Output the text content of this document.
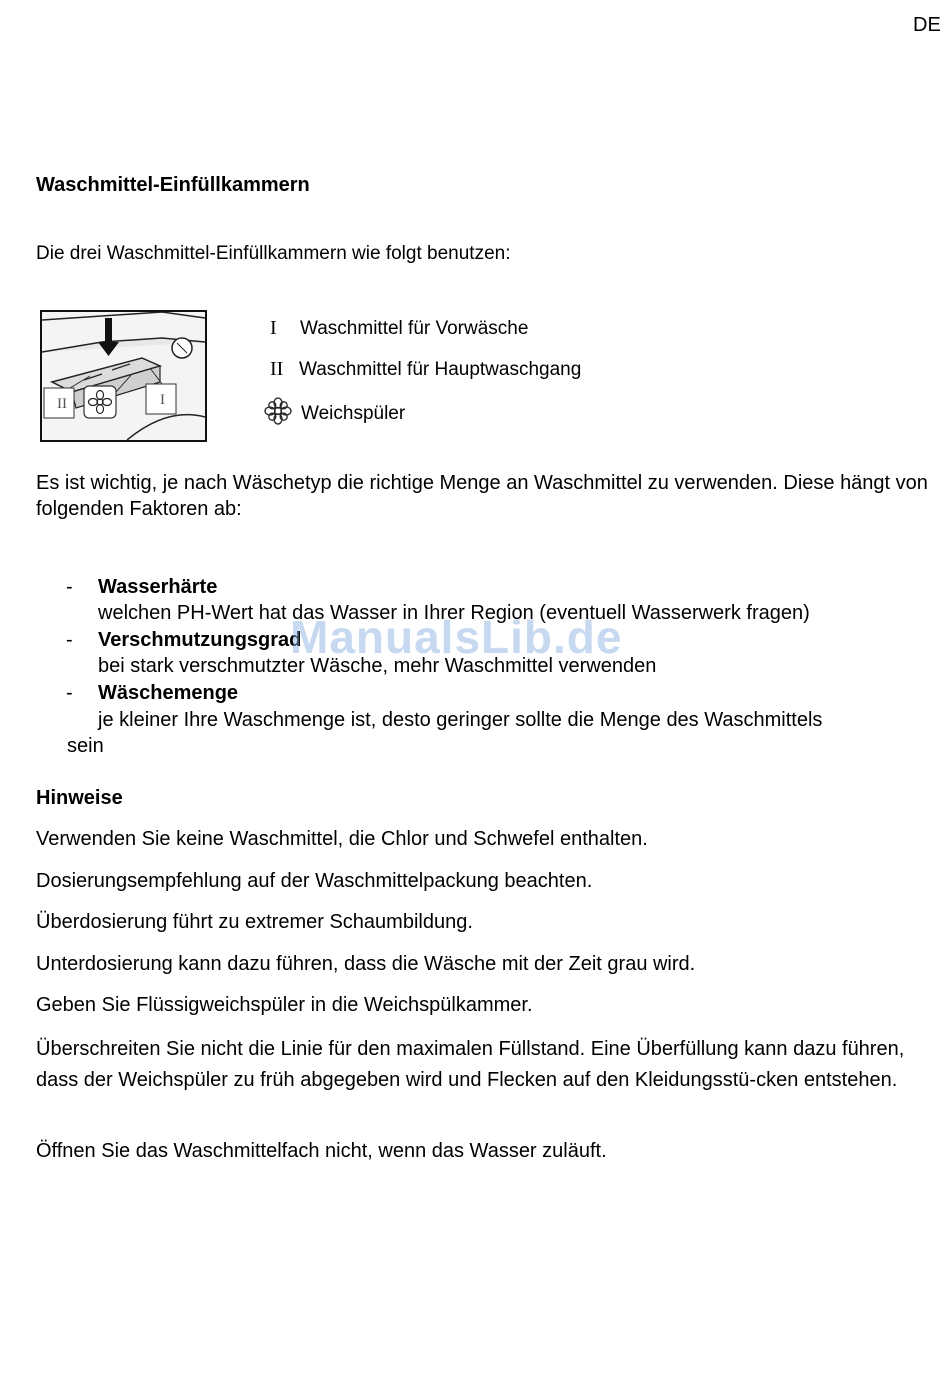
DE
Waschmittel-Einfüllkammern

Die drei Waschmittel-Einfüllkammern wie folgt benutzen:

II	I
I Waschmittel für Vorwäsche
II Waschmittel für Hauptwaschgang
Weichspüler

Es ist wichtig, je nach Wäschetyp die richtige Menge an Waschmittel zu verwenden. Diese hängt von folgenden Faktoren ab:

- Wasserhärte
welchen PH-Wert hat das Wasser in Ihrer Region (eventuell Wasserwerk fragen)
- Verschmutzungsgrad
bei stark verschmutzter Wäsche, mehr Waschmittel verwenden
- Wäschemenge
je kleiner Ihre Waschmenge ist, desto geringer sollte die Menge des Waschmittels
sein
ManualsLib.de
Hinweise

Verwenden Sie keine Waschmittel, die Chlor und Schwefel enthalten.

Dosierungsempfehlung auf der Waschmittelpackung beachten.

Überdosierung führt zu extremer Schaumbildung.

Unterdosierung kann dazu führen, dass die Wäsche mit der Zeit grau wird.

Geben Sie Flüssigweichspüler in die Weichspülkammer.

Überschreiten Sie nicht die Linie für den maximalen Füllstand. Eine Überfüllung kann dazu führen, dass der Weichspüler zu früh abgegeben wird und Flecken auf den Kleidungsstü-cken entstehen.

Öffnen Sie das Waschmittelfach nicht, wenn das Wasser zuläuft.
